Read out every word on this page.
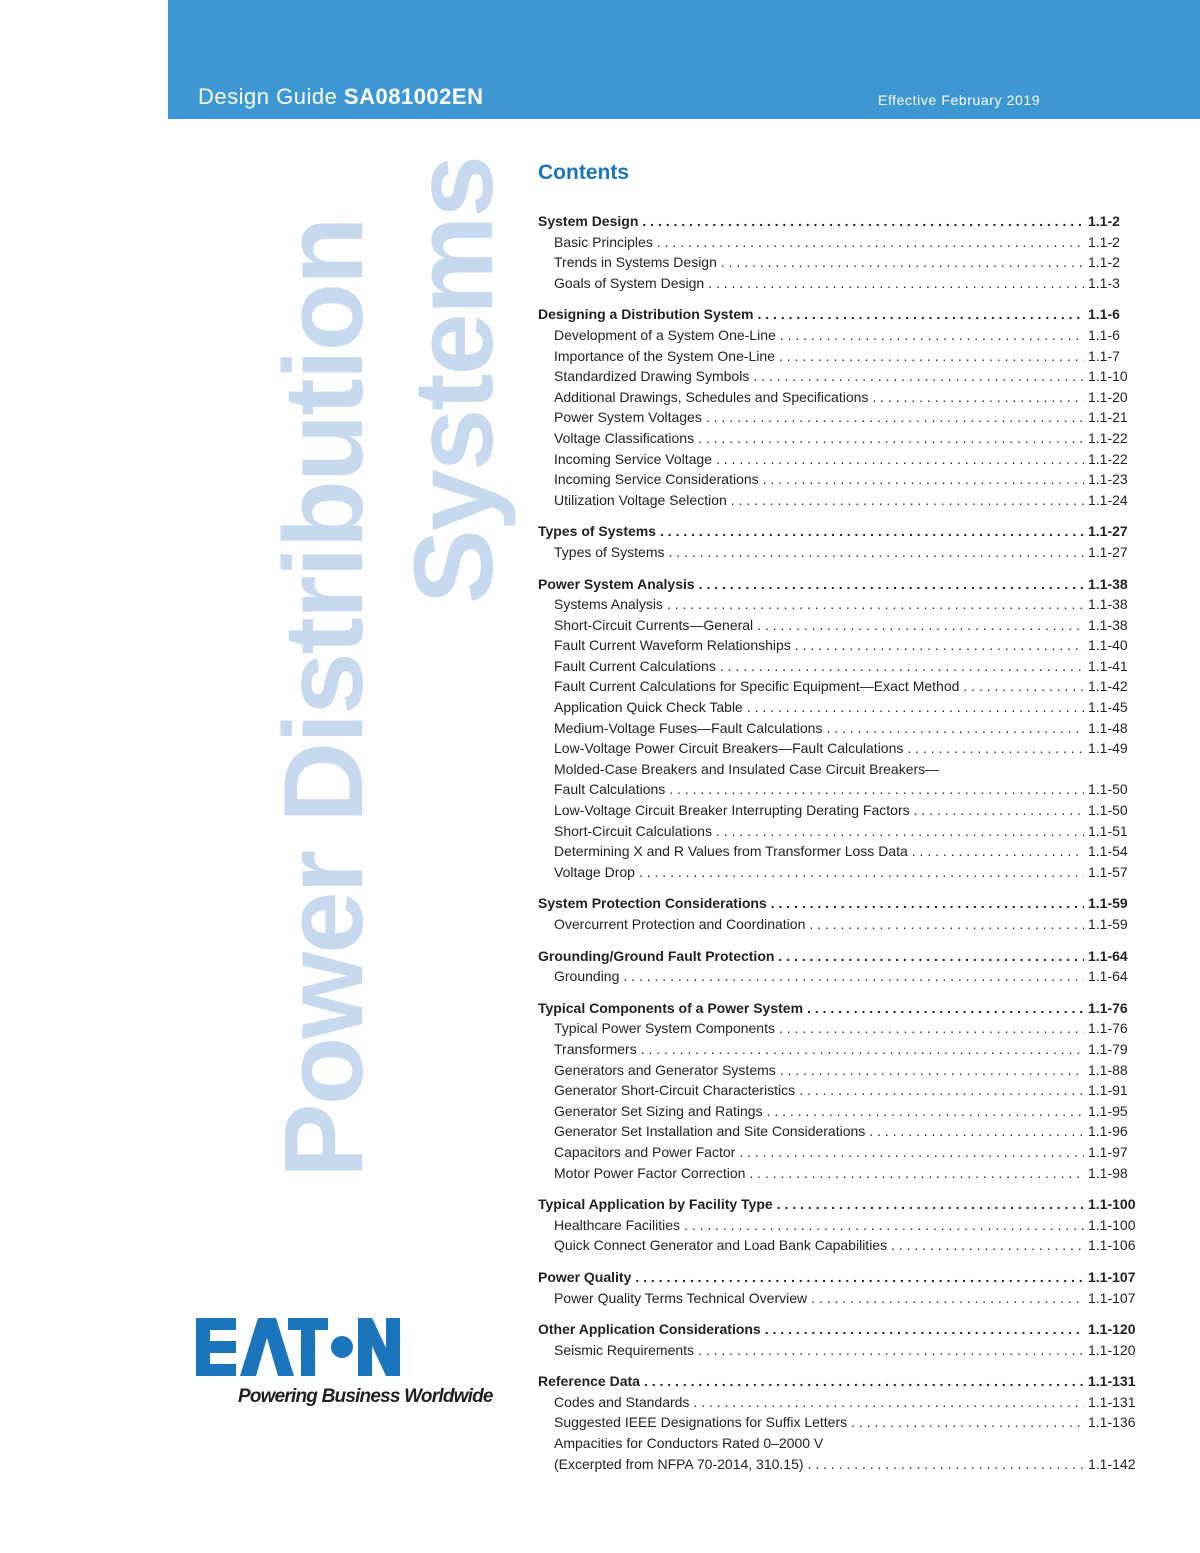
Design Guide SA081002EN	Effective February 2019
Power Distribution Systems Contents
System Design . . .	1.1-2
Basic Principles . . .	1.1-2
Trends in Systems Design . . .	1.1-2
Goals of System Design . . .	1.1-3
Designing a Distribution System . . .	1.1-6
Development of a System One-Line . . .	1.1-6
Importance of the System One-Line . . .	1.1-7
Standardized Drawing Symbols . . .	1.1-10
Additional Drawings, Schedules and Specifications . . .	1.1-20
Power System Voltages . . .	1.1-21
Voltage Classifications . . .	1.1-22
Incoming Service Voltage . . .	1.1-22
Incoming Service Considerations . . .	1.1-23
Utilization Voltage Selection . . .	1.1-24
Types of Systems . . .	1.1-27
Types of Systems . . .	1.1-27
Power System Analysis . . .	1.1-38
Systems Analysis . . .	1.1-38
Short-Circuit Currents—General . . .	1.1-38
Fault Current Waveform Relationships . . .	1.1-40
Fault Current Calculations . . .	1.1-41
Fault Current Calculations for Specific Equipment—Exact Method . . .	1.1-42
Application Quick Check Table . . .	1.1-45
Medium-Voltage Fuses—Fault Calculations . . .	1.1-48
Low-Voltage Power Circuit Breakers—Fault Calculations . . .	1.1-49
Molded-Case Breakers and Insulated Case Circuit Breakers—
Fault Calculations . . .	1.1-50
Low-Voltage Circuit Breaker Interrupting Derating Factors . . .	1.1-50
Short-Circuit Calculations . . .	1.1-51
Determining X and R Values from Transformer Loss Data . . .	1.1-54
Voltage Drop . . .	1.1-57
System Protection Considerations . . .	1.1-59
Overcurrent Protection and Coordination . . .	1.1-59
Grounding/Ground Fault Protection . . .	1.1-64
Grounding . . .	1.1-64
Typical Components of a Power System . . .	1.1-76
Typical Power System Components . . .	1.1-76
Transformers . . .	1.1-79
Generators and Generator Systems . . .	1.1-88
Generator Short-Circuit Characteristics . . .	1.1-91
Generator Set Sizing and Ratings . . .	1.1-95
Generator Set Installation and Site Considerations . . .	1.1-96
Capacitors and Power Factor . . .	1.1-97
Motor Power Factor Correction . . .	1.1-98
Typical Application by Facility Type . . .	1.1-100
Healthcare Facilities . . .	1.1-100
Quick Connect Generator and Load Bank Capabilities . . .	1.1-106
Power Quality . . .	1.1-107
Power Quality Terms Technical Overview . . .	1.1-107
Other Application Considerations . . .	1.1-120
Seismic Requirements . . .	1.1-120
Reference Data . . .	1.1-131
Codes and Standards . . .	1.1-131
Suggested IEEE Designations for Suffix Letters . . .	1.1-136
Ampacities for Conductors Rated 0–2000 V
(Excerpted from NFPA 70-2014, 310.15) . . .	1.1-142
Powering Business Worldwide
